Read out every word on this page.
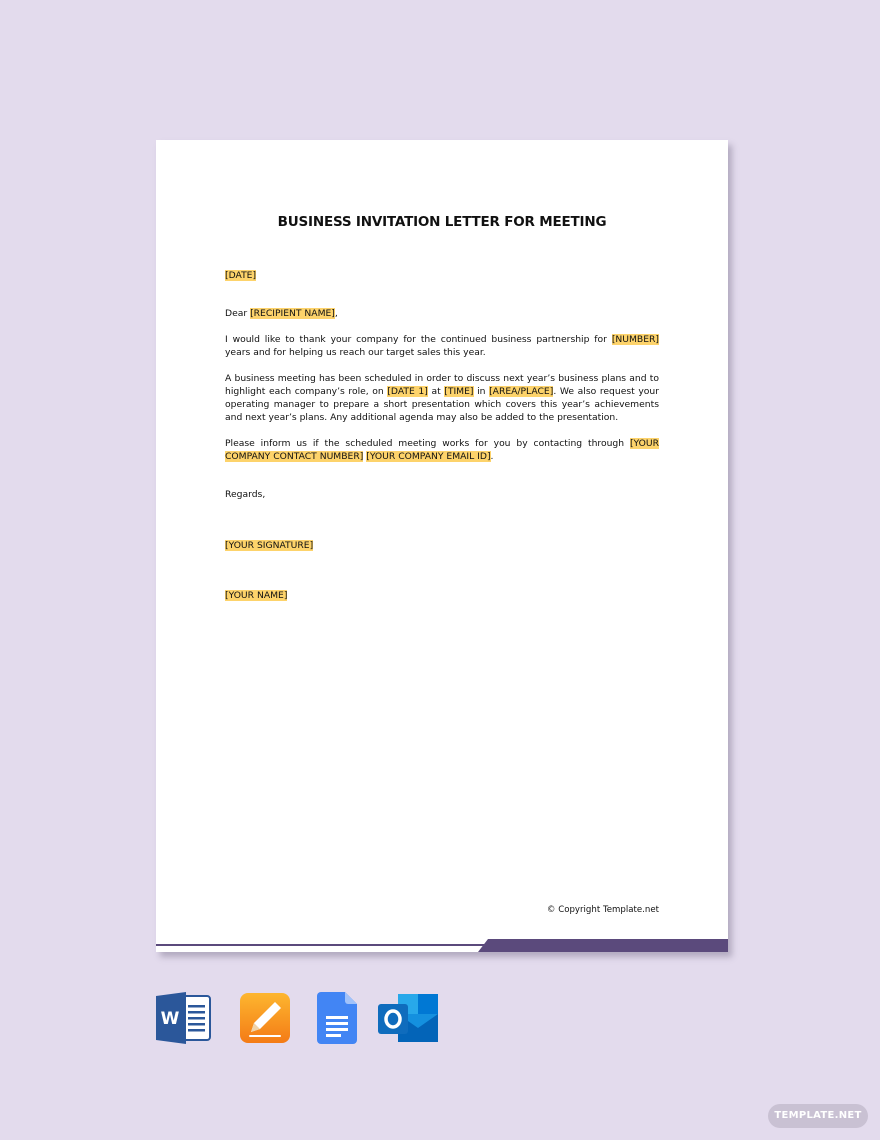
BUSINESS INVITATION LETTER FOR MEETING

[DATE]

Dear [RECIPIENT NAME],

I would like to thank your company for the continued business partnership for [NUMBER] years and for helping us reach our target sales this year.

A business meeting has been scheduled in order to discuss next year’s business plans and to highlight each company’s role, on [DATE 1] at [TIME] in [AREA/PLACE]. We also request your operating manager to prepare a short presentation which covers this year’s achievements and next year’s plans. Any additional agenda may also be added to the presentation.

Please inform us if the scheduled meeting works for you by contacting through [YOUR COMPANY CONTACT NUMBER] [YOUR COMPANY EMAIL ID].

Regards,

[YOUR SIGNATURE]

[YOUR NAME]

© Copyright Template.net
W
TEMPLATE.NET
